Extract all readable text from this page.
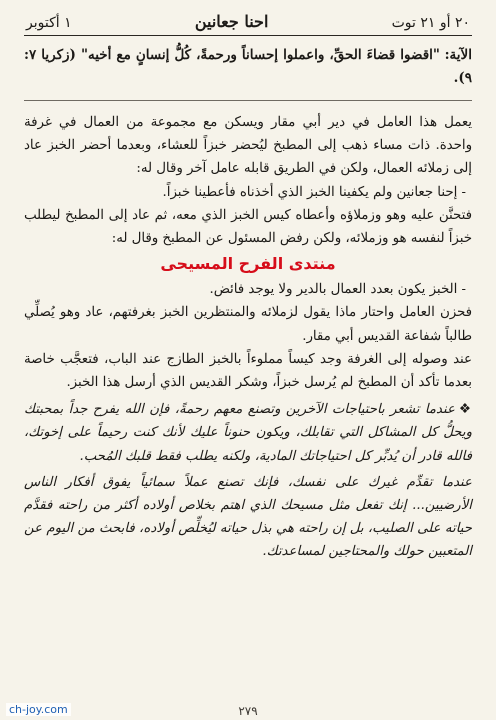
٢٠ أو ٢١ توت
احنا جعانين
١ أكتوبر

الآية: "اقضوا قضاءَ الحقِّ، واعملوا إحساناً ورحمةً، كُلُّ إنسانٍ مع أخيه" (زكريا ٧: ٩).

يعمل هذا العامل في دير أبي مقار ويسكن مع مجموعة من العمال في غرفة واحدة. ذات مساء ذهب إلى المطبخ ليُحضر خبزاً للعشاء، وبعدما أحضر الخبز عاد إلى زملائه العمال، ولكن في الطريق قابله عامل آخر وقال له:

- إحنا جعانين ولم يكفينا الخبز الذي أخذناه فأعطينا خبزاً.

فتحنَّن عليه وهو وزملاؤه وأعطاه كيس الخبز الذي معه، ثم عاد إلى المطبخ ليطلب خبزاً لنفسه هو وزملائه، ولكن رفض المسئول عن المطبخ وقال له:

منتدى الفرح المسيحى

- الخبز يكون بعدد العمال بالدير ولا يوجد فائض.

فحزن العامل واحتار ماذا يقول لزملائه والمنتظرين الخبز بغرفتهم، عاد وهو يُصلِّي طالباً شفاعة القديس أبي مقار.

عند وصوله إلى الغرفة وجد كيساً مملوءاً بالخبز الطازج عند الباب، فتعجَّب خاصة بعدما تأكد أن المطبخ لم يُرسل خبزاً، وشكر القديس الذي أرسل هذا الخبز.

❖عندما تشعر باحتياجات الآخرين وتصنع معهم رحمةً، فإن الله يفرح جداً بمحبتك ويحلُّ كل المشاكل التي تقابلك، ويكون حنوناً عليك لأنك كنت رحيماً على إخوتك، فالله قادر أن يُدبِّر كل احتياجاتك المادية، ولكنه يطلب فقط قلبك المُحب.

عندما تقدِّم غيرك على نفسك، فإنك تصنع عملاً سمائياً يفوق أفكار الناس الأرضيين... إنك تفعل مثل مسيحك الذي اهتم بخلاص أولاده أكثر من راحته فقدَّم حياته على الصليب، بل إن راحته هي بذل حياته ليُخلِّص أولاده، فابحث من اليوم عن المتعبين حولك والمحتاجين لمساعدتك.

٢٧٩
ch-joy.com
